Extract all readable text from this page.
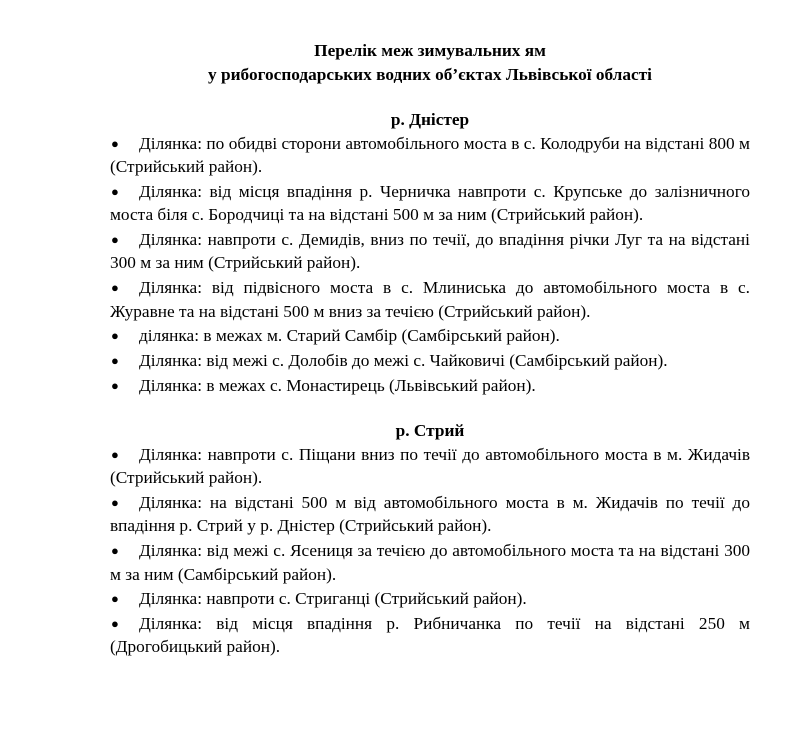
Перелік меж зимувальних ям
у рибогосподарських водних об’єктах Львівської області

р. Дністер

● Ділянка: по обидві сторони автомобільного моста в с. Колодруби на відстані 800 м (Стрийський район).
● Ділянка: від місця впадіння р. Черничка навпроти с. Крупське до залізничного моста біля с. Бородчиці та на відстані 500 м за ним (Стрийський район).
● Ділянка: навпроти с. Демидів, вниз по течії, до впадіння річки Луг та на відстані 300 м за ним (Стрийський район).
● Ділянка: від підвісного моста в с. Млиниська до автомобільного моста в с. Журавне та на відстані 500 м вниз за течією (Стрийський район).
● ділянка: в межах м. Старий Самбір (Самбірський район).
● Ділянка: від межі с. Долобів до межі с. Чайковичі (Самбірський район).
● Ділянка: в межах с. Монастирець (Львівський район).

р. Стрий

● Ділянка: навпроти с. Піщани вниз по течії до автомобільного моста в м. Жидачів (Стрийський район).
● Ділянка: на відстані 500 м від автомобільного моста в м. Жидачів по течії до впадіння р. Стрий у р. Дністер (Стрийський район).
● Ділянка: від межі с. Ясениця за течією до автомобільного моста та на відстані 300 м за ним (Самбірський район).
● Ділянка: навпроти с. Стриганці (Стрийський район).
● Ділянка: від місця впадіння р. Рибничанка по течії на відстані 250 м (Дрогобицький район).
